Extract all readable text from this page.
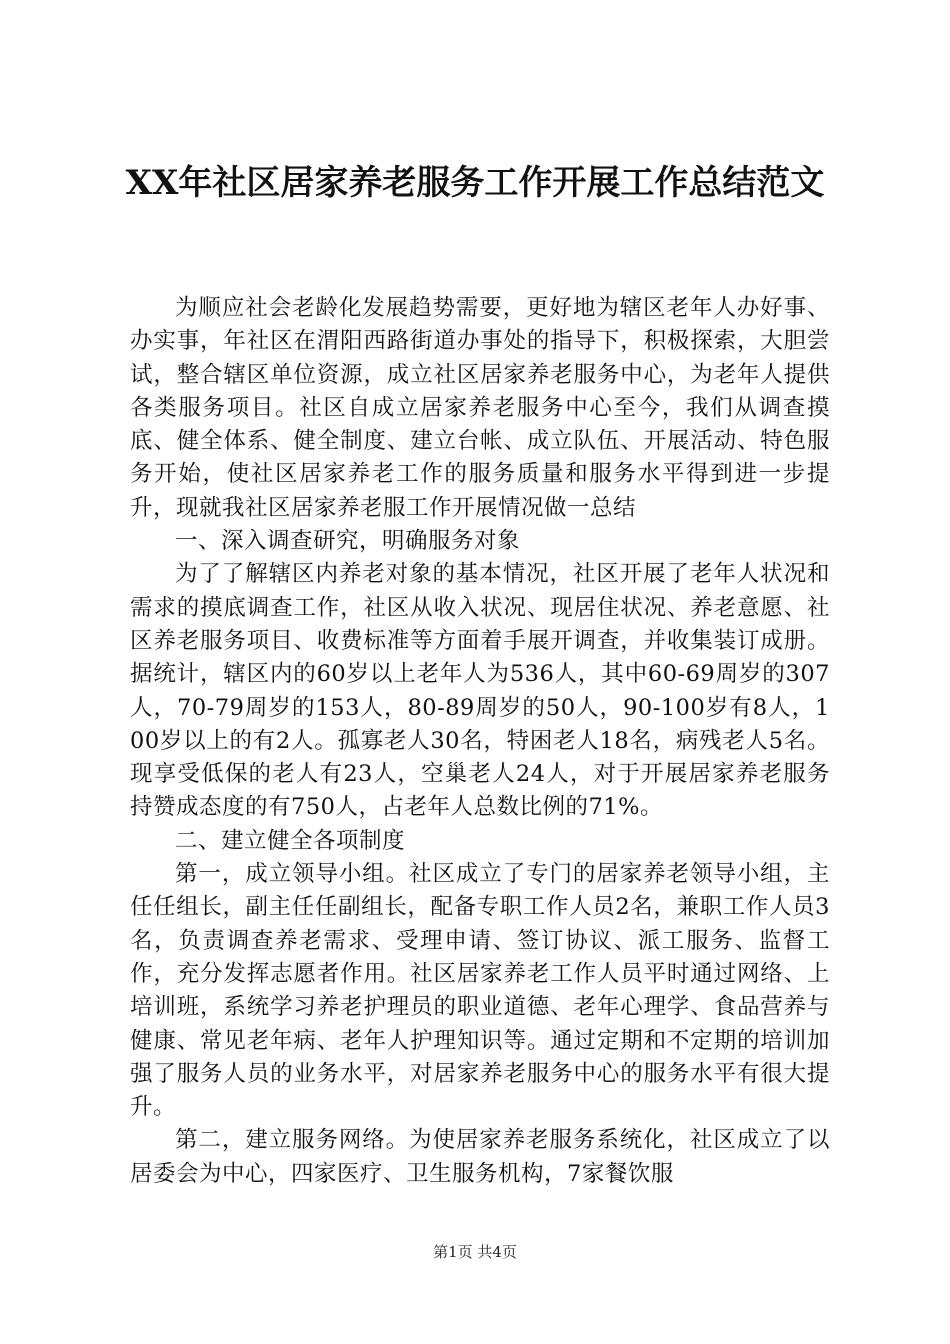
XX年社区居家养老服务工作开展工作总结范文

为顺应社会老龄化发展趋势需要，更好地为辖区老年人办好事、办实事，年社区在渭阳西路街道办事处的指导下，积极探索，大胆尝试，整合辖区单位资源，成立社区居家养老服务中心，为老年人提供各类服务项目。社区自成立居家养老服务中心至今，我们从调查摸底、健全体系、健全制度、建立台帐、成立队伍、开展活动、特色服务开始，使社区居家养老工作的服务质量和服务水平得到进一步提升，现就我社区居家养老服工作开展情况做一总结

一、深入调查研究，明确服务对象

为了了解辖区内养老对象的基本情况，社区开展了老年人状况和需求的摸底调查工作，社区从收入状况、现居住状况、养老意愿、社区养老服务项目、收费标准等方面着手展开调查，并收集装订成册。据统计，辖区内的60岁以上老年人为536人，其中60-69周岁的307人，70-79周岁的153人，80-89周岁的50人，90-100岁有8人，100岁以上的有2人。孤寡老人30名，特困老人18名，病残老人5名。现享受低保的老人有23人，空巢老人24人，对于开展居家养老服务持赞成态度的有750人，占老年人总数比例的71%。

二、建立健全各项制度

第一，成立领导小组。社区成立了专门的居家养老领导小组，主任任组长，副主任任副组长，配备专职工作人员2名，兼职工作人员3名，负责调查养老需求、受理申请、签订协议、派工服务、监督工作，充分发挥志愿者作用。社区居家养老工作人员平时通过网络、上培训班，系统学习养老护理员的职业道德、老年心理学、食品营养与健康、常见老年病、老年人护理知识等。通过定期和不定期的培训加强了服务人员的业务水平，对居家养老服务中心的服务水平有很大提升。

第二，建立服务网络。为使居家养老服务系统化，社区成立了以居委会为中心，四家医疗、卫生服务机构，7家餐饮服

第1页 共4页
